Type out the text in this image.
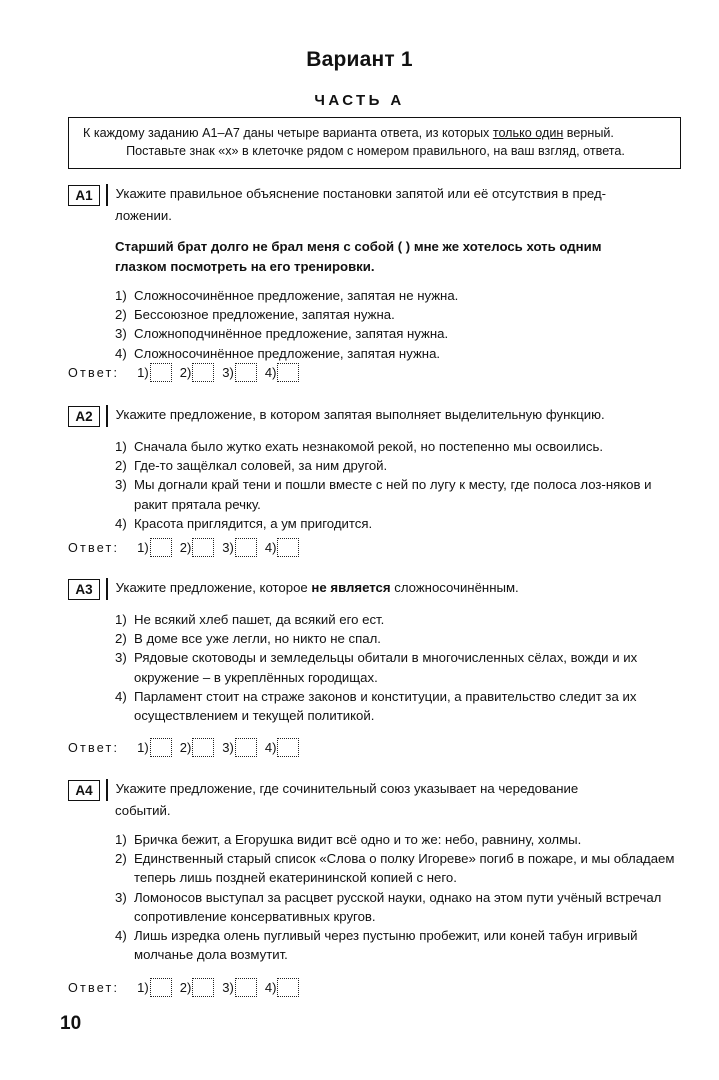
Вариант 1
ЧАСТЬ А
К каждому заданию А1–А7 даны четыре варианта ответа, из которых только один верный.
Поставьте знак «х» в клеточке рядом с номером правильного, на ваш взгляд, ответа.
А1	Укажите правильное объяснение постановки запятой или её отсутствия в пред-
ложении.
Старший брат долго не брал меня с собой ( ) мне же хотелось хоть одним
глазком посмотреть на его тренировки.
1) Сложносочинённое предложение, запятая не нужна.
2) Бессоюзное предложение, запятая нужна.
3) Сложноподчинённое предложение, запятая нужна.
4) Сложносочинённое предложение, запятая нужна.
Ответ: 1) 2) 3) 4)
А2	Укажите предложение, в котором запятая выполняет выделительную функцию.
1) Сначала было жутко ехать незнакомой рекой, но постепенно мы освоились.
2) Где-то защёлкал соловей, за ним другой.
3) Мы догнали край тени и пошли вместе с ней по лугу к месту, где полоса лоз-няков и ракит прятала речку.
4) Красота приглядится, а ум пригодится.
Ответ: 1) 2) 3) 4)
А3	Укажите предложение, которое не является сложносочинённым.
1) Не всякий хлеб пашет, да всякий его ест.
2) В доме все уже легли, но никто не спал.
3) Рядовые скотоводы и земледельцы обитали в многочисленных сёлах, вожди и их окружение – в укреплённых городищах.
4) Парламент стоит на страже законов и конституции, а правительство следит за их осуществлением и текущей политикой.
Ответ: 1) 2) 3) 4)
А4	Укажите предложение, где сочинительный союз указывает на чередование
событий.
1) Бричка бежит, а Егорушка видит всё одно и то же: небо, равнину, холмы.
2) Единственный старый список «Слова о полку Игореве» погиб в пожаре, и мы обладаем теперь лишь поздней екатерининской копией с него.
3) Ломоносов выступал за расцвет русской науки, однако на этом пути учёный встречал сопротивление консервативных кругов.
4) Лишь изредка олень пугливый через пустыню пробежит, или коней табун игривый молчанье дола возмутит.
Ответ: 1) 2) 3) 4)
10
